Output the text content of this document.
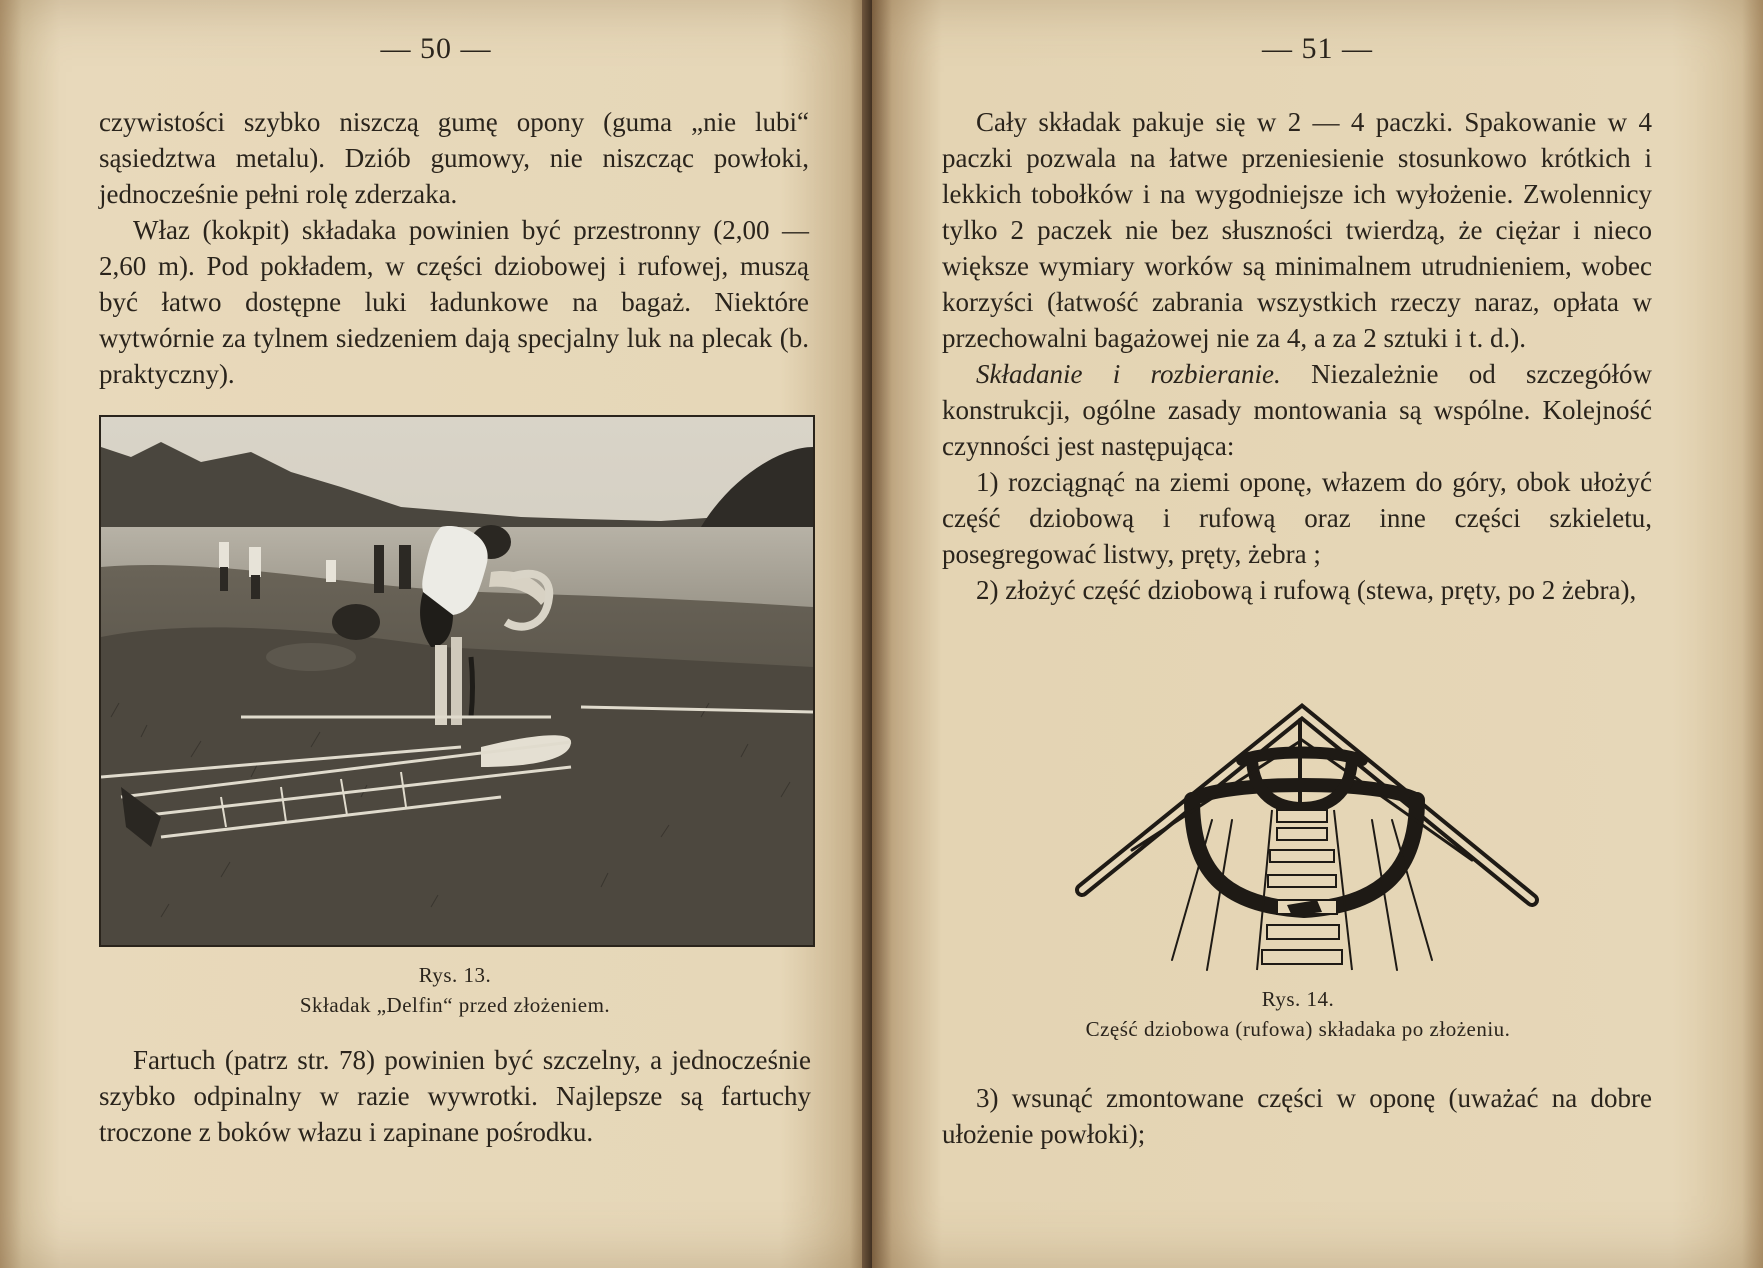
— 50 —

czywistości szybko niszczą gumę opony (guma „nie lubi“ sąsiedztwa metalu). Dziób gumowy, nie niszcząc powłoki, jednocześnie pełni rolę zderzaka.

Właz (kokpit) składaka powinien być przestronny (2,00 — 2,60 m). Pod pokładem, w części dziobowej i rufowej, muszą być łatwo dostępne luki ładunkowe na bagaż. Niektóre wytwórnie za tylnem siedzeniem dają specjalny luk na plecak (b. praktyczny).

Rys. 13.
Składak „Delfin“ przed złożeniem.

Fartuch (patrz str. 78) powinien być szczelny, a jednocześnie szybko odpinalny w razie wywrotki. Najlepsze są fartuchy troczone z boków włazu i zapinane pośrodku.

— 51 —

Cały składak pakuje się w 2 — 4 paczki. Spakowanie w 4 paczki pozwala na łatwe przeniesienie stosunkowo krótkich i lekkich tobołków i na wygodniejsze ich wyłożenie. Zwolennicy tylko 2 paczek nie bez słuszności twierdzą, że ciężar i nieco większe wymiary worków są minimalnem utrudnieniem, wobec korzyści (łatwość zabrania wszystkich rzeczy naraz, opłata w przechowalni bagażowej nie za 4, a za 2 sztuki i t. d.).

Składanie i rozbieranie. Niezależnie od szczegółów konstrukcji, ogólne zasady montowania są wspólne. Kolejność czynności jest następująca:

1) rozciągnąć na ziemi oponę, włazem do góry, obok ułożyć część dziobową i rufową oraz inne części szkieletu, posegregować listwy, pręty, żebra ;

2) złożyć część dziobową i rufową (stewa, pręty, po 2 żebra),

Rys. 14.
Część dziobowa (rufowa) składaka po złożeniu.

3) wsunąć zmontowane części w oponę (uważać na dobre ułożenie powłoki);
